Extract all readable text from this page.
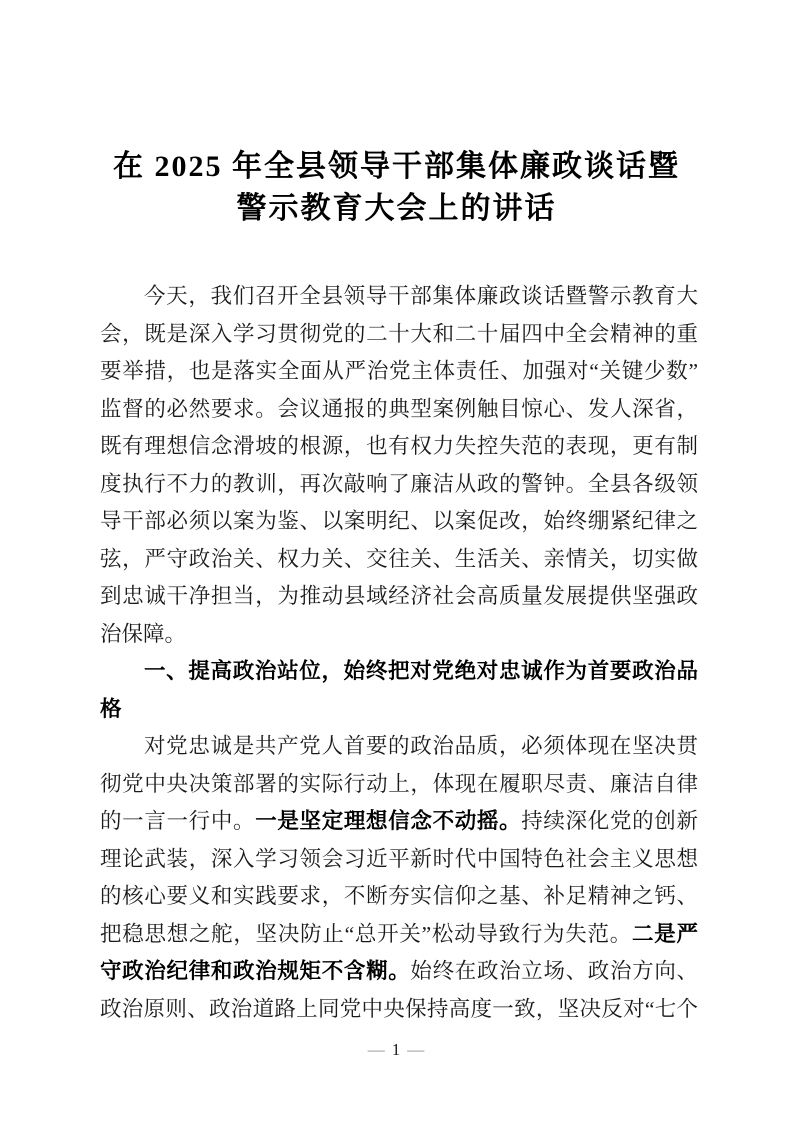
在 2025 年全县领导干部集体廉政谈话暨
警示教育大会上的讲话
今天，我们召开全县领导干部集体廉政谈话暨警示教育大
会，既是深入学习贯彻党的二十大和二十届四中全会精神的重
要举措，也是落实全面从严治党主体责任、加强对“关键少数”
监督的必然要求。会议通报的典型案例触目惊心、发人深省，
既有理想信念滑坡的根源，也有权力失控失范的表现，更有制
度执行不力的教训，再次敲响了廉洁从政的警钟。全县各级领
导干部必须以案为鉴、以案明纪、以案促改，始终绷紧纪律之
弦，严守政治关、权力关、交往关、生活关、亲情关，切实做
到忠诚干净担当，为推动县域经济社会高质量发展提供坚强政
治保障。
一、提高政治站位，始终把对党绝对忠诚作为首要政治品
格
对党忠诚是共产党人首要的政治品质，必须体现在坚决贯
彻党中央决策部署的实际行动上，体现在履职尽责、廉洁自律
的一言一行中。一是坚定理想信念不动摇。持续深化党的创新
理论武装，深入学习领会习近平新时代中国特色社会主义思想
的核心要义和实践要求，不断夯实信仰之基、补足精神之钙、
把稳思想之舵，坚决防止“总开关”松动导致行为失范。二是严
守政治纪律和政治规矩不含糊。始终在政治立场、政治方向、
政治原则、政治道路上同党中央保持高度一致，坚决反对“七个
— 1 —
